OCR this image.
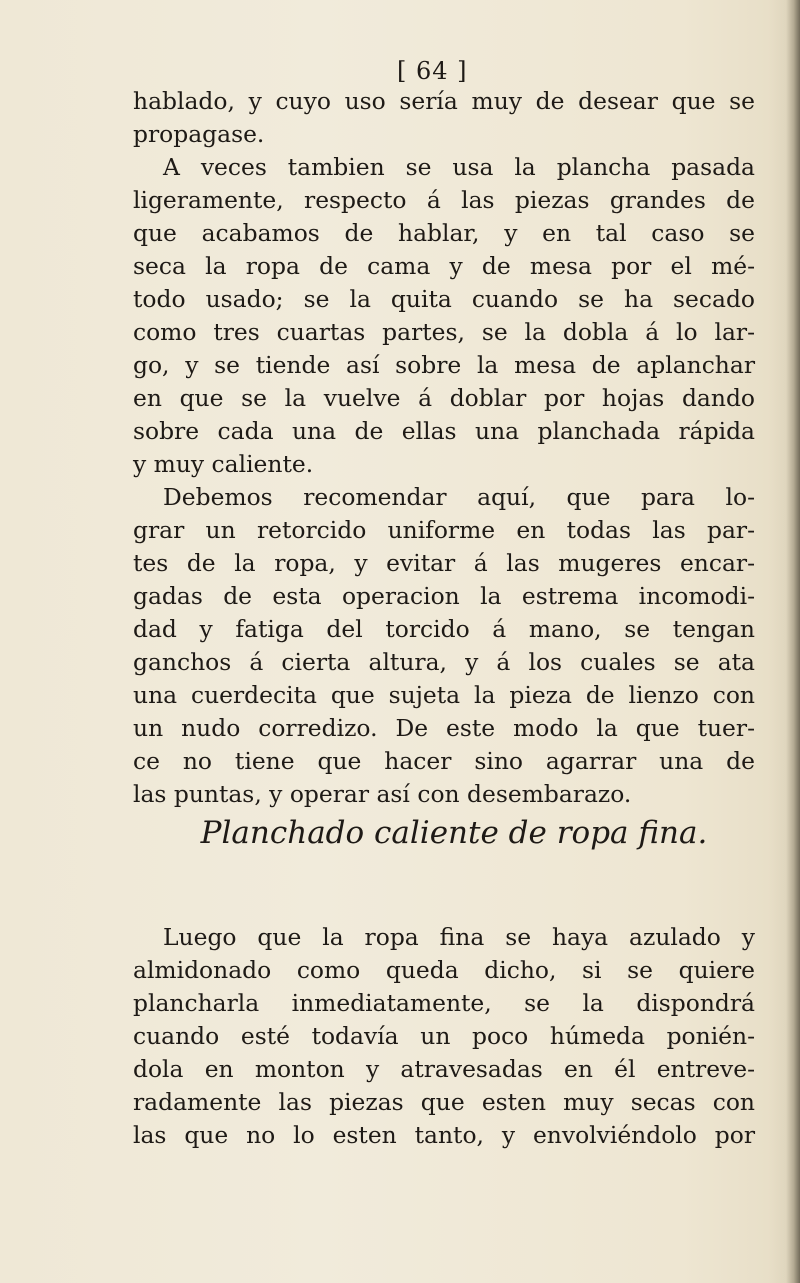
[ 64 ]
hablado, y cuyo uso sería muy de desear que se
propagase.
A veces tambien se usa la plancha pasada
ligeramente, respecto á las piezas grandes de
que acabamos de hablar, y en tal caso se
seca la ropa de cama y de mesa por el mé-
todo usado; se la quita cuando se ha secado
como tres cuartas partes, se la dobla á lo lar-
go, y se tiende así sobre la mesa de aplanchar
en que se la vuelve á doblar por hojas dando
sobre cada una de ellas una planchada rápida
y muy caliente.
Debemos recomendar aquí, que para lo-
grar un retorcido uniforme en todas las par-
tes de la ropa, y evitar á las mugeres encar-
gadas de esta operacion la estrema incomodi-
dad y fatiga del torcido á mano, se tengan
ganchos á cierta altura, y á los cuales se ata
una cuerdecita que sujeta la pieza de lienzo con
un nudo corredizo. De este modo la que tuer-
ce no tiene que hacer sino agarrar una de
las puntas, y operar así con desembarazo.
Planchado caliente de ropa fina.
Luego que la ropa fina se haya azulado y
almidonado como queda dicho, si se quiere
plancharla inmediatamente, se la dispondrá
cuando esté todavía un poco húmeda ponién-
dola en monton y atravesadas en él entreve-
radamente las piezas que esten muy secas con
las que no lo esten tanto, y envolviéndolo por
